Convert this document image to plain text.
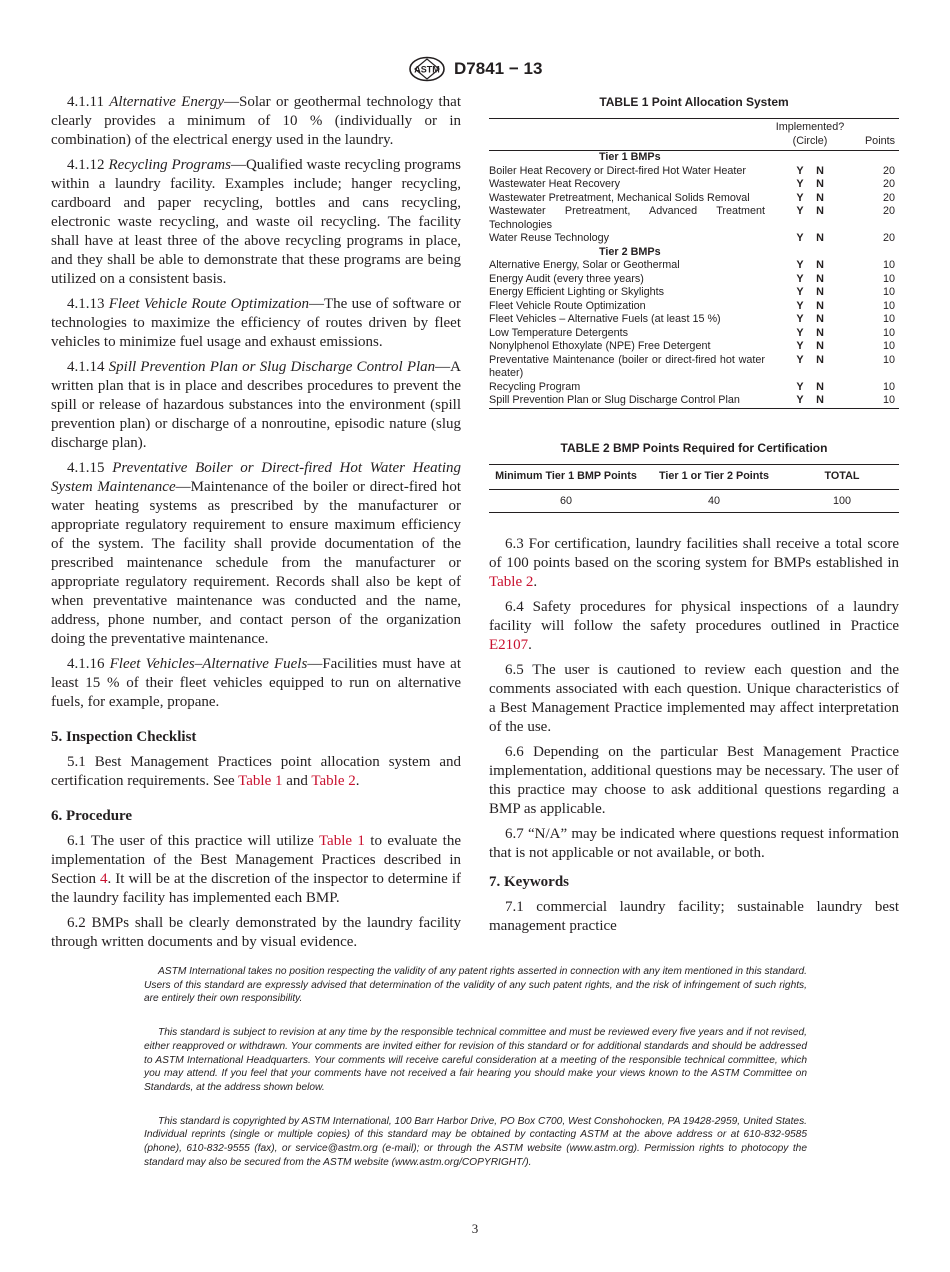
ASTM D7841 − 13

4.1.11 Alternative Energy—Solar or geothermal technology that clearly provides a minimum of 10 % (individually or in combination) of the electrical energy used in the laundry.

4.1.12 Recycling Programs—Qualified waste recycling programs within a laundry facility. Examples include; hanger recycling, cardboard and paper recycling, bottles and cans recycling, electronic waste recycling, and waste oil recycling. The facility shall have at least three of the above recycling programs in place, and they shall be able to demonstrate that these programs are being utilized on a consistent basis.

4.1.13 Fleet Vehicle Route Optimization—The use of software or technologies to maximize the efficiency of routes driven by fleet vehicles to minimize fuel usage and exhaust emissions.

4.1.14 Spill Prevention Plan or Slug Discharge Control Plan—A written plan that is in place and describes procedures to prevent the spill or release of hazardous substances into the environment (spill prevention plan) or discharge of a nonroutine, episodic nature (slug discharge plan).

4.1.15 Preventative Boiler or Direct-fired Hot Water Heating System Maintenance—Maintenance of the boiler or direct-fired hot water heating systems as prescribed by the manufacturer or appropriate regulatory requirement to ensure maximum efficiency of the system. The facility shall provide documentation of the prescribed maintenance schedule from the manufacturer or appropriate regulatory requirement. Records shall also be kept of when preventative maintenance was conducted and the name, address, phone number, and contact person of the organization doing the preventative maintenance.

4.1.16 Fleet Vehicles–Alternative Fuels—Facilities must have at least 15 % of their fleet vehicles equipped to run on alternative fuels, for example, propane.

5. Inspection Checklist

5.1 Best Management Practices point allocation system and certification requirements. See Table 1 and Table 2.

6. Procedure

6.1 The user of this practice will utilize Table 1 to evaluate the implementation of the Best Management Practices described in Section 4. It will be at the discretion of the inspector to determine if the laundry facility has implemented each BMP.

6.2 BMPs shall be clearly demonstrated by the laundry facility through written documents and by visual evidence.

TABLE 1 Point Allocation System
	Implemented? (Circle)	Points
Tier 1 BMPs		
Boiler Heat Recovery or Direct-fired Hot Water Heater	Y N	20
Wastewater Heat Recovery	Y N	20
Wastewater Pretreatment, Mechanical Solids Removal	Y N	20
Wastewater Pretreatment, Advanced Treatment Technologies	Y N	20
Water Reuse Technology	Y N	20
Tier 2 BMPs		
Alternative Energy, Solar or Geothermal	Y N	10
Energy Audit (every three years)	Y N	10
Energy Efficient Lighting or Skylights	Y N	10
Fleet Vehicle Route Optimization	Y N	10
Fleet Vehicles – Alternative Fuels (at least 15 %)	Y N	10
Low Temperature Detergents	Y N	10
Nonylphenol Ethoxylate (NPE) Free Detergent	Y N	10
Preventative Maintenance (boiler or direct-fired hot water heater)	Y N	10
Recycling Program	Y N	10
Spill Prevention Plan or Slug Discharge Control Plan	Y N	10
TABLE 2 BMP Points Required for Certification
Minimum Tier 1 BMP Points	Tier 1 or Tier 2 Points	TOTAL
60	40	100

6.3 For certification, laundry facilities shall receive a total score of 100 points based on the scoring system for BMPs established in Table 2.

6.4 Safety procedures for physical inspections of a laundry facility will follow the safety procedures outlined in Practice E2107.

6.5 The user is cautioned to review each question and the comments associated with each question. Unique characteristics of a Best Management Practice implemented may affect interpretation of the use.

6.6 Depending on the particular Best Management Practice implementation, additional questions may be necessary. The user of this practice may choose to ask additional questions regarding a BMP as applicable.

6.7 “N/A” may be indicated where questions request information that is not applicable or not available, or both.

7. Keywords

7.1 commercial laundry facility; sustainable laundry best management practice

ASTM International takes no position respecting the validity of any patent rights asserted in connection with any item mentioned in this standard. Users of this standard are expressly advised that determination of the validity of any such patent rights, and the risk of infringement of such rights, are entirely their own responsibility.

This standard is subject to revision at any time by the responsible technical committee and must be reviewed every five years and if not revised, either reapproved or withdrawn. Your comments are invited either for revision of this standard or for additional standards and should be addressed to ASTM International Headquarters. Your comments will receive careful consideration at a meeting of the responsible technical committee, which you may attend. If you feel that your comments have not received a fair hearing you should make your views known to the ASTM Committee on Standards, at the address shown below.

This standard is copyrighted by ASTM International, 100 Barr Harbor Drive, PO Box C700, West Conshohocken, PA 19428-2959, United States. Individual reprints (single or multiple copies) of this standard may be obtained by contacting ASTM at the above address or at 610-832-9585 (phone), 610-832-9555 (fax), or service@astm.org (e-mail); or through the ASTM website (www.astm.org). Permission rights to photocopy the standard may also be secured from the ASTM website (www.astm.org/COPYRIGHT/).

3
